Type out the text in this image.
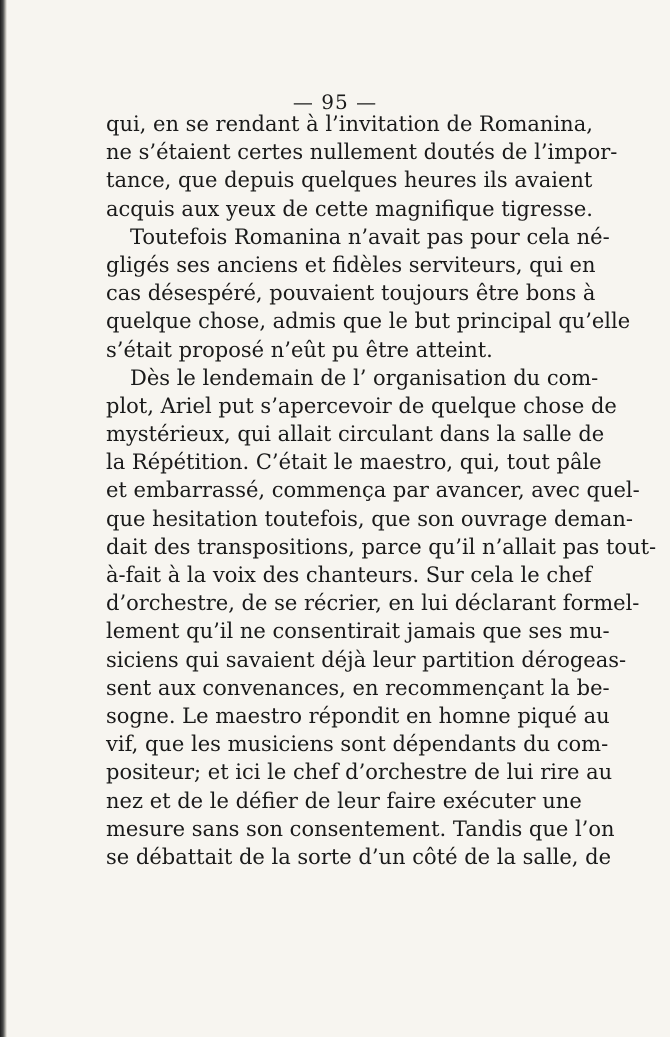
— 95 —
qui, en se rendant à l’invitation de Romanina,
ne s’étaient certes nullement doutés de l’impor-
tance, que depuis quelques heures ils avaient
acquis aux yeux de cette magnifique tigresse.
Toutefois Romanina n’avait pas pour cela né-
gligés ses anciens et fidèles serviteurs, qui en
cas désespéré, pouvaient toujours être bons à
quelque chose, admis que le but principal qu’elle
s’était proposé n’eût pu être atteint.
Dès le lendemain de l’ organisation du com-
plot, Ariel put s’apercevoir de quelque chose de
mystérieux, qui allait circulant dans la salle de
la Répétition. C’était le maestro, qui, tout pâle
et embarrassé, commença par avancer, avec quel-
que hesitation toutefois, que son ouvrage deman-
dait des transpositions, parce qu’il n’allait pas tout-
à-fait à la voix des chanteurs. Sur cela le chef
d’orchestre, de se récrier, en lui déclarant formel-
lement qu’il ne consentirait jamais que ses mu-
siciens qui savaient déjà leur partition dérogeas-
sent aux convenances, en recommençant la be-
sogne. Le maestro répondit en homne piqué au
vif, que les musiciens sont dépendants du com-
positeur; et ici le chef d’orchestre de lui rire au
nez et de le défier de leur faire exécuter une
mesure sans son consentement. Tandis que l’on
se débattait de la sorte d’un côté de la salle, de
